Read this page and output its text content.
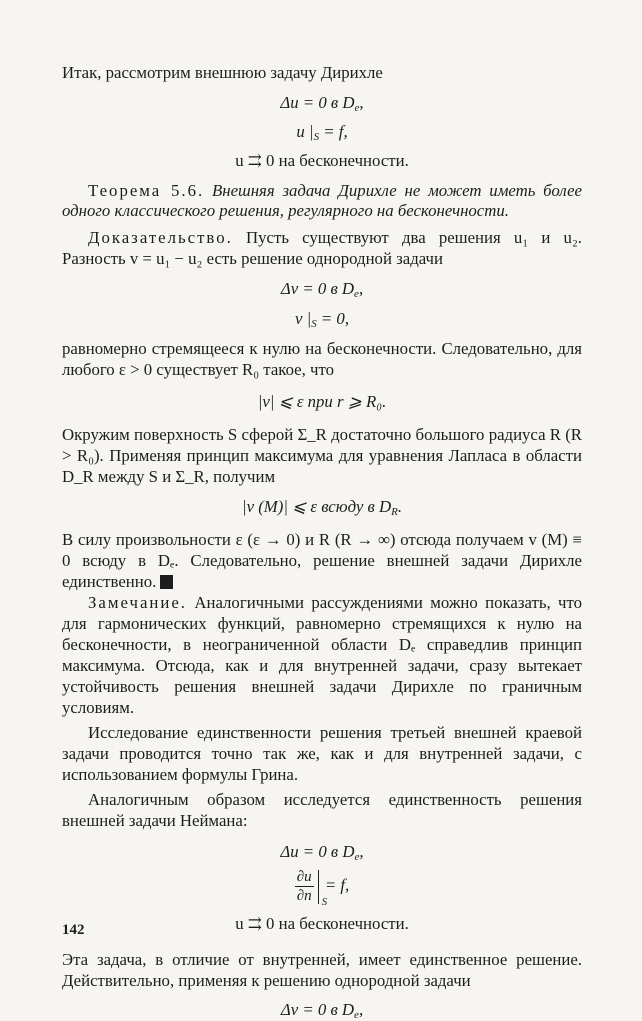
Итак, рассмотрим внешнюю задачу Дирихле

Δu = 0 в $D_e$,
u $|_S = f$,
u ⇉ 0 на бесконечности.

Теорема 5.6. Внешняя задача Дирихле не может иметь более одного классического решения, регулярного на бесконечности.

Доказательство. Пусть существуют два решения u₁ и u₂. Разность v = u₁ − u₂ есть решение однородной задачи

Δv = 0 в $D_e$,
v $|_S = 0$,

равномерно стремящееся к нулю на бесконечности. Следовательно, для любого ε > 0 существует R₀ такое, что

|v| ⩽ ε при r ⩾ R₀.

Окружим поверхность S сферой Σ_R достаточно большого радиуса R (R > R₀). Применяя принцип максимума для уравнения Лапласа в области D_R между S и Σ_R, получим

|v (M)| ⩽ ε всюду в $D_R$.

В силу произвольности ε (ε → 0) и R (R → ∞) отсюда получаем v (M) ≡ 0 всюду в Dₑ. Следовательно, решение внешней задачи Дирихле единственно.

Замечание. Аналогичными рассуждениями можно показать, что для гармонических функций, равномерно стремящихся к нулю на бесконечности, в неограниченной области Dₑ справедлив принцип максимума. Отсюда, как и для внутренней задачи, сразу вытекает устойчивость решения внешней задачи Дирихле по граничным условиям.

Исследование единственности решения третьей внешней краевой задачи проводится точно так же, как и для внутренней задачи, с использованием формулы Грина.

Аналогичным образом исследуется единственность решения внешней задачи Неймана:

Δu = 0 в $D_e$,
$\frac{\partial u}{\partial n}$ S
= f,
u ⇉ 0 на бесконечности.

Эта задача, в отличие от внутренней, имеет единственное решение. Действительно, применяя к решению однородной задачи

Δv = 0 в $D_e$,
142
